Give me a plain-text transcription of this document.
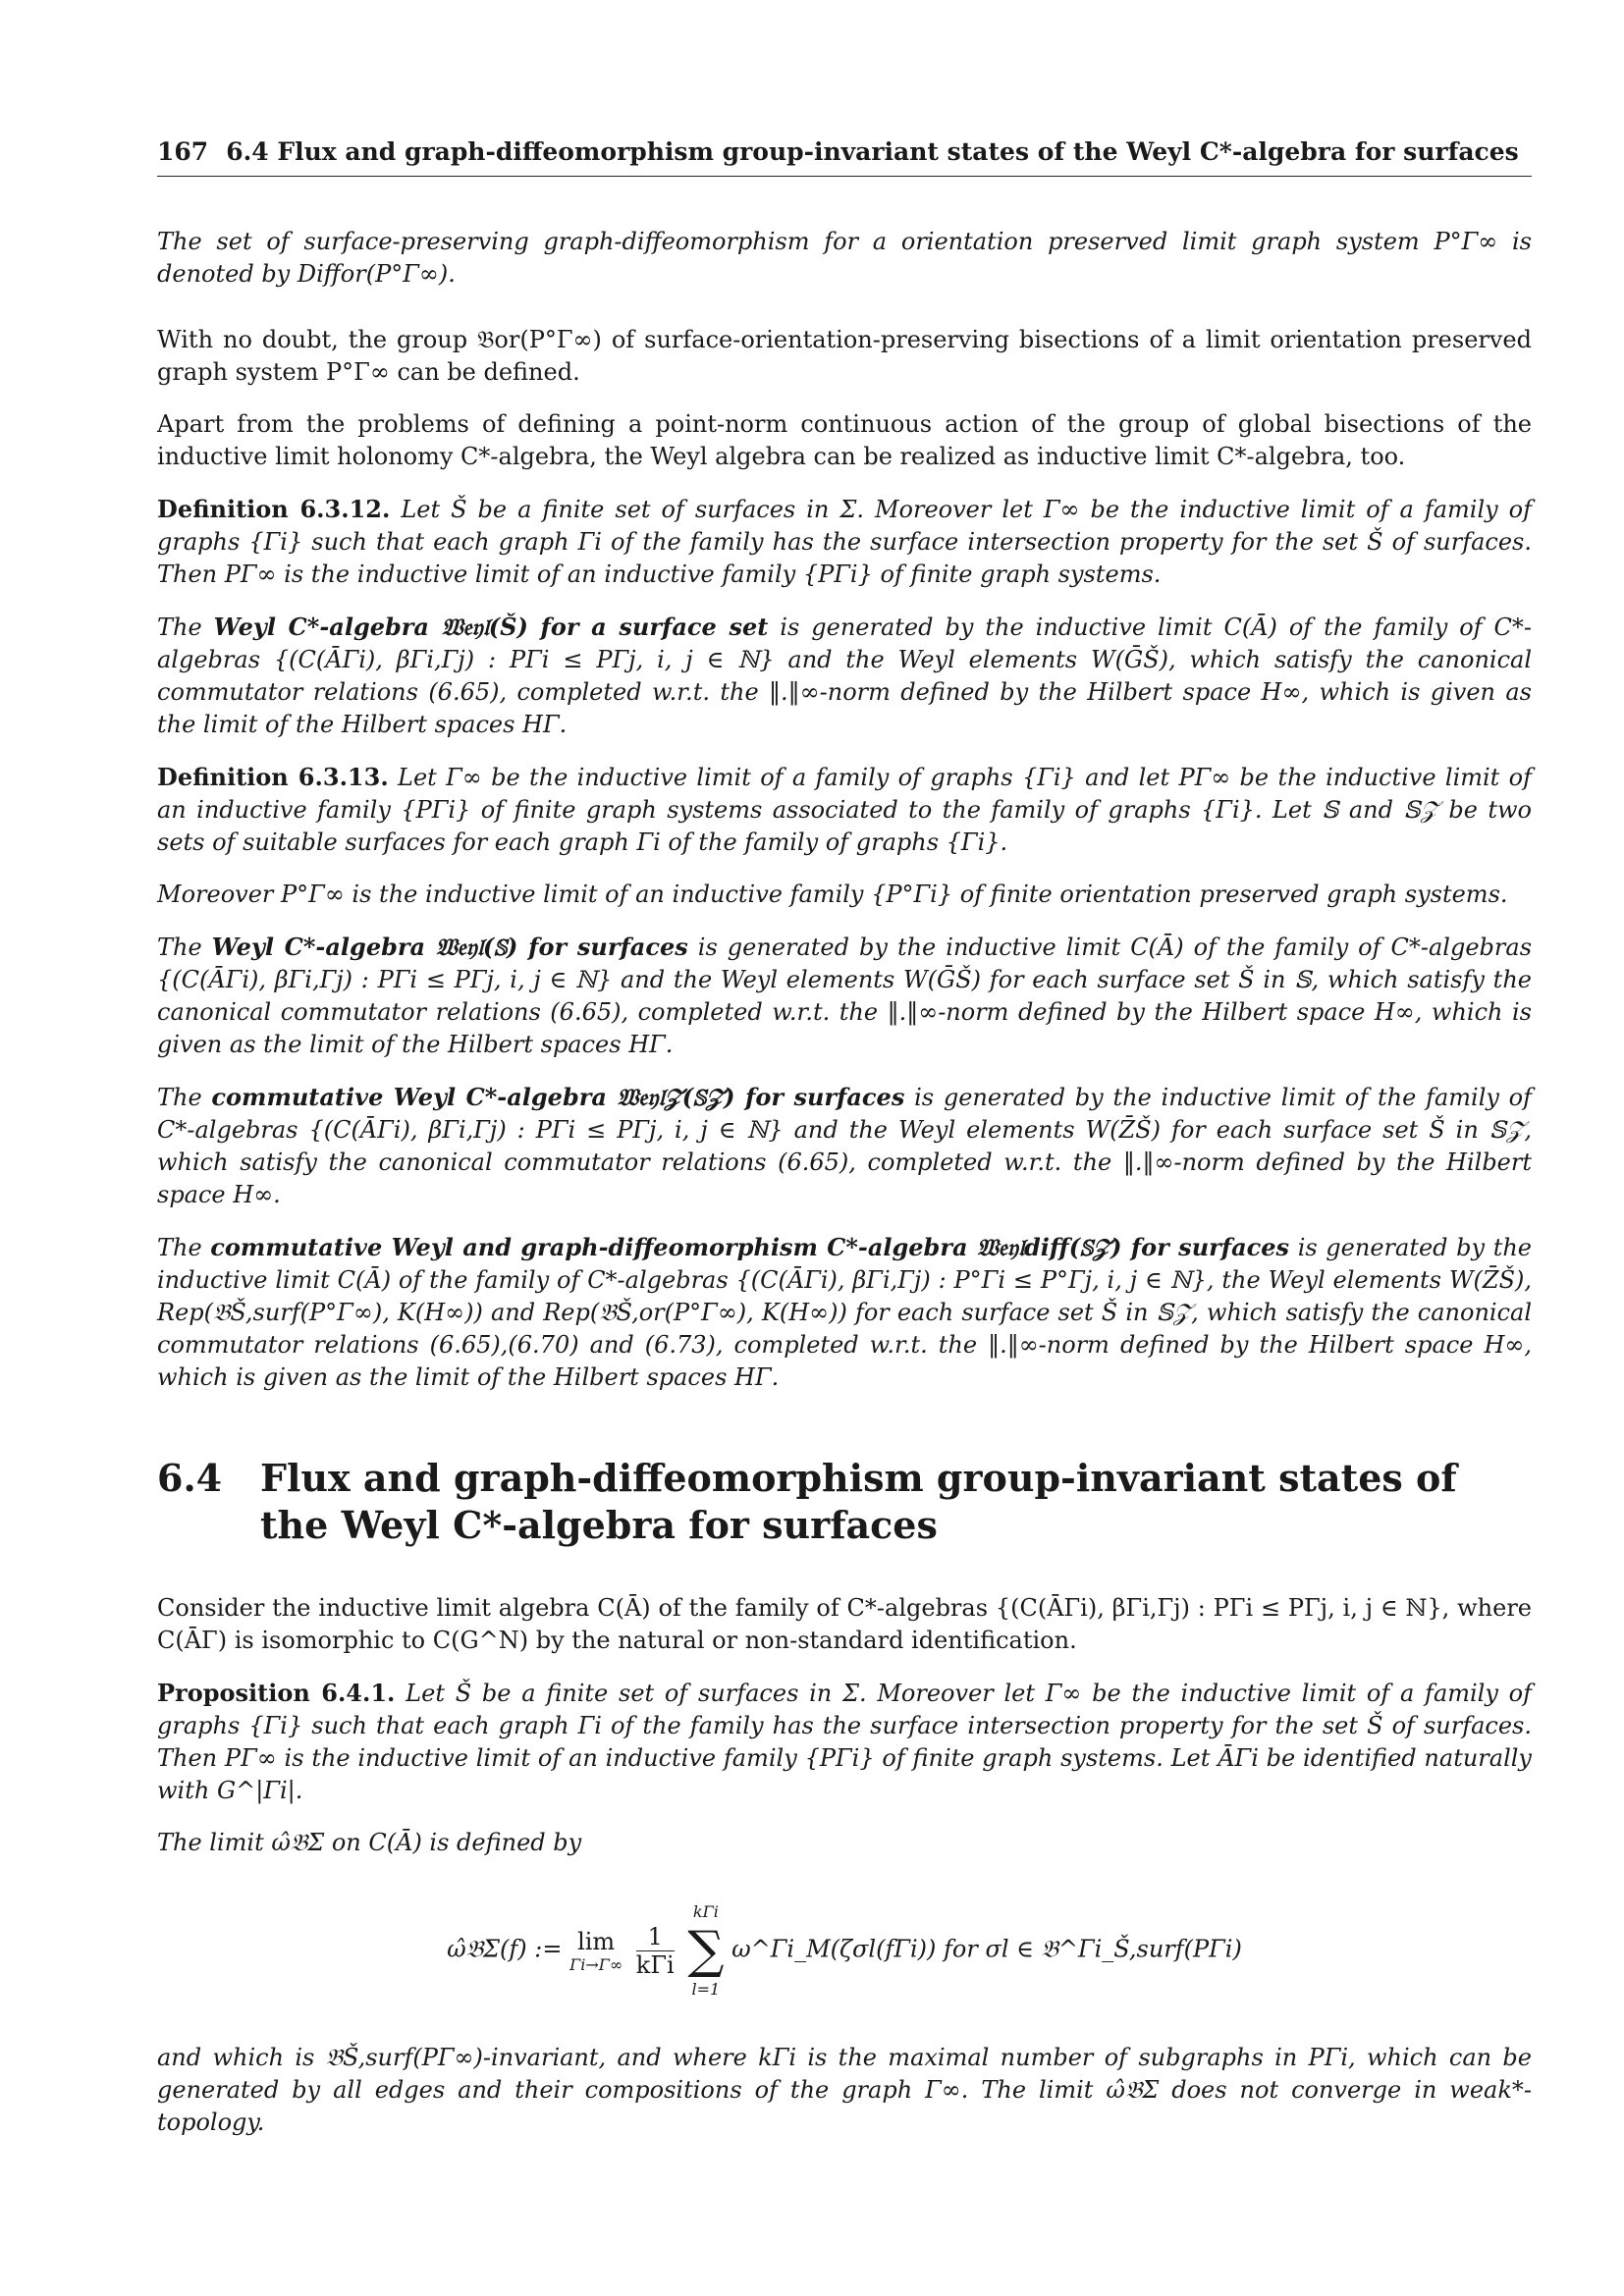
167 6.4 Flux and graph-diffeomorphism group-invariant states of the Weyl C*-algebra for surfaces

The set of surface-preserving graph-diffeomorphism for a orientation preserved limit graph system P°Γ∞ is denoted by Diffor(P°Γ∞).

With no doubt, the group 𝔅or(P°Γ∞) of surface-orientation-preserving bisections of a limit orientation preserved graph system P°Γ∞ can be defined.

Apart from the problems of defining a point-norm continuous action of the group of global bisections of the inductive limit holonomy C*-algebra, the Weyl algebra can be realized as inductive limit C*-algebra, too.

Definition 6.3.12. Let Š be a finite set of surfaces in Σ. Moreover let Γ∞ be the inductive limit of a family of graphs {Γi} such that each graph Γi of the family has the surface intersection property for the set Š of surfaces. Then PΓ∞ is the inductive limit of an inductive family {PΓi} of finite graph systems.

The Weyl C*-algebra 𝔚𝔢𝔶𝔩(Š) for a surface set is generated by the inductive limit C(Ā) of the family of C*-algebras {(C(ĀΓi), βΓi,Γj) : PΓi ≤ PΓj, i, j ∈ ℕ} and the Weyl elements W(ḠŠ), which satisfy the canonical commutator relations (6.65), completed w.r.t. the ‖.‖∞-norm defined by the Hilbert space H∞, which is given as the limit of the Hilbert spaces HΓ.

Definition 6.3.13. Let Γ∞ be the inductive limit of a family of graphs {Γi} and let PΓ∞ be the inductive limit of an inductive family {PΓi} of finite graph systems associated to the family of graphs {Γi}. Let 𝕊 and 𝕊𝒵 be two sets of suitable surfaces for each graph Γi of the family of graphs {Γi}.

Moreover P°Γ∞ is the inductive limit of an inductive family {P°Γi} of finite orientation preserved graph systems.

The Weyl C*-algebra 𝔚𝔢𝔶𝔩(𝕊) for surfaces is generated by the inductive limit C(Ā) of the family of C*-algebras {(C(ĀΓi), βΓi,Γj) : PΓi ≤ PΓj, i, j ∈ ℕ} and the Weyl elements W(ḠŠ) for each surface set Š in 𝕊, which satisfy the canonical commutator relations (6.65), completed w.r.t. the ‖.‖∞-norm defined by the Hilbert space H∞, which is given as the limit of the Hilbert spaces HΓ.

The commutative Weyl C*-algebra 𝔚𝔢𝔶𝔩𝒵(𝕊𝒵) for surfaces is generated by the inductive limit of the family of C*-algebras {(C(ĀΓi), βΓi,Γj) : PΓi ≤ PΓj, i, j ∈ ℕ} and the Weyl elements W(Z̄Š) for each surface set Š in 𝕊𝒵, which satisfy the canonical commutator relations (6.65), completed w.r.t. the ‖.‖∞-norm defined by the Hilbert space H∞.

The commutative Weyl and graph-diffeomorphism C*-algebra 𝔚𝔢𝔶𝔩diff(𝕊𝒵) for surfaces is generated by the inductive limit C(Ā) of the family of C*-algebras {(C(ĀΓi), βΓi,Γj) : P°Γi ≤ P°Γj, i, j ∈ ℕ}, the Weyl elements W(Z̄Š), Rep(𝔅Š,surf(P°Γ∞), K(H∞)) and Rep(𝔅Š,or(P°Γ∞), K(H∞)) for each surface set Š in 𝕊𝒵, which satisfy the canonical commutator relations (6.65),(6.70) and (6.73), completed w.r.t. the ‖.‖∞-norm defined by the Hilbert space H∞, which is given as the limit of the Hilbert spaces HΓ.

6.4	Flux and graph-diffeomorphism group-invariant states of the Weyl C*-algebra for surfaces

Consider the inductive limit algebra C(Ā) of the family of C*-algebras {(C(ĀΓi), βΓi,Γj) : PΓi ≤ PΓj, i, j ∈ ℕ}, where C(ĀΓ) is isomorphic to C(G^N) by the natural or non-standard identification.

Proposition 6.4.1. Let Š be a finite set of surfaces in Σ. Moreover let Γ∞ be the inductive limit of a family of graphs {Γi} such that each graph Γi of the family has the surface intersection property for the set Š of surfaces. Then PΓ∞ is the inductive limit of an inductive family {PΓi} of finite graph systems. Let ĀΓi be identified naturally with G^|Γi|.

The limit ω̂𝔅Σ on C(Ā) is defined by

ω̂𝔅Σ(f) := lim
Γi→Γ∞
$\frac{1}{\text{kΓi}}$

kΓi
∑
l=1
ω^Γi_M(ζσl(fΓi)) for σl ∈ 𝔅^Γi_Š,surf(PΓi)

and which is 𝔅Š,surf(PΓ∞)-invariant, and where kΓi is the maximal number of subgraphs in PΓi, which can be generated by all edges and their compositions of the graph Γ∞. The limit ω̂𝔅Σ does not converge in weak*-topology.
